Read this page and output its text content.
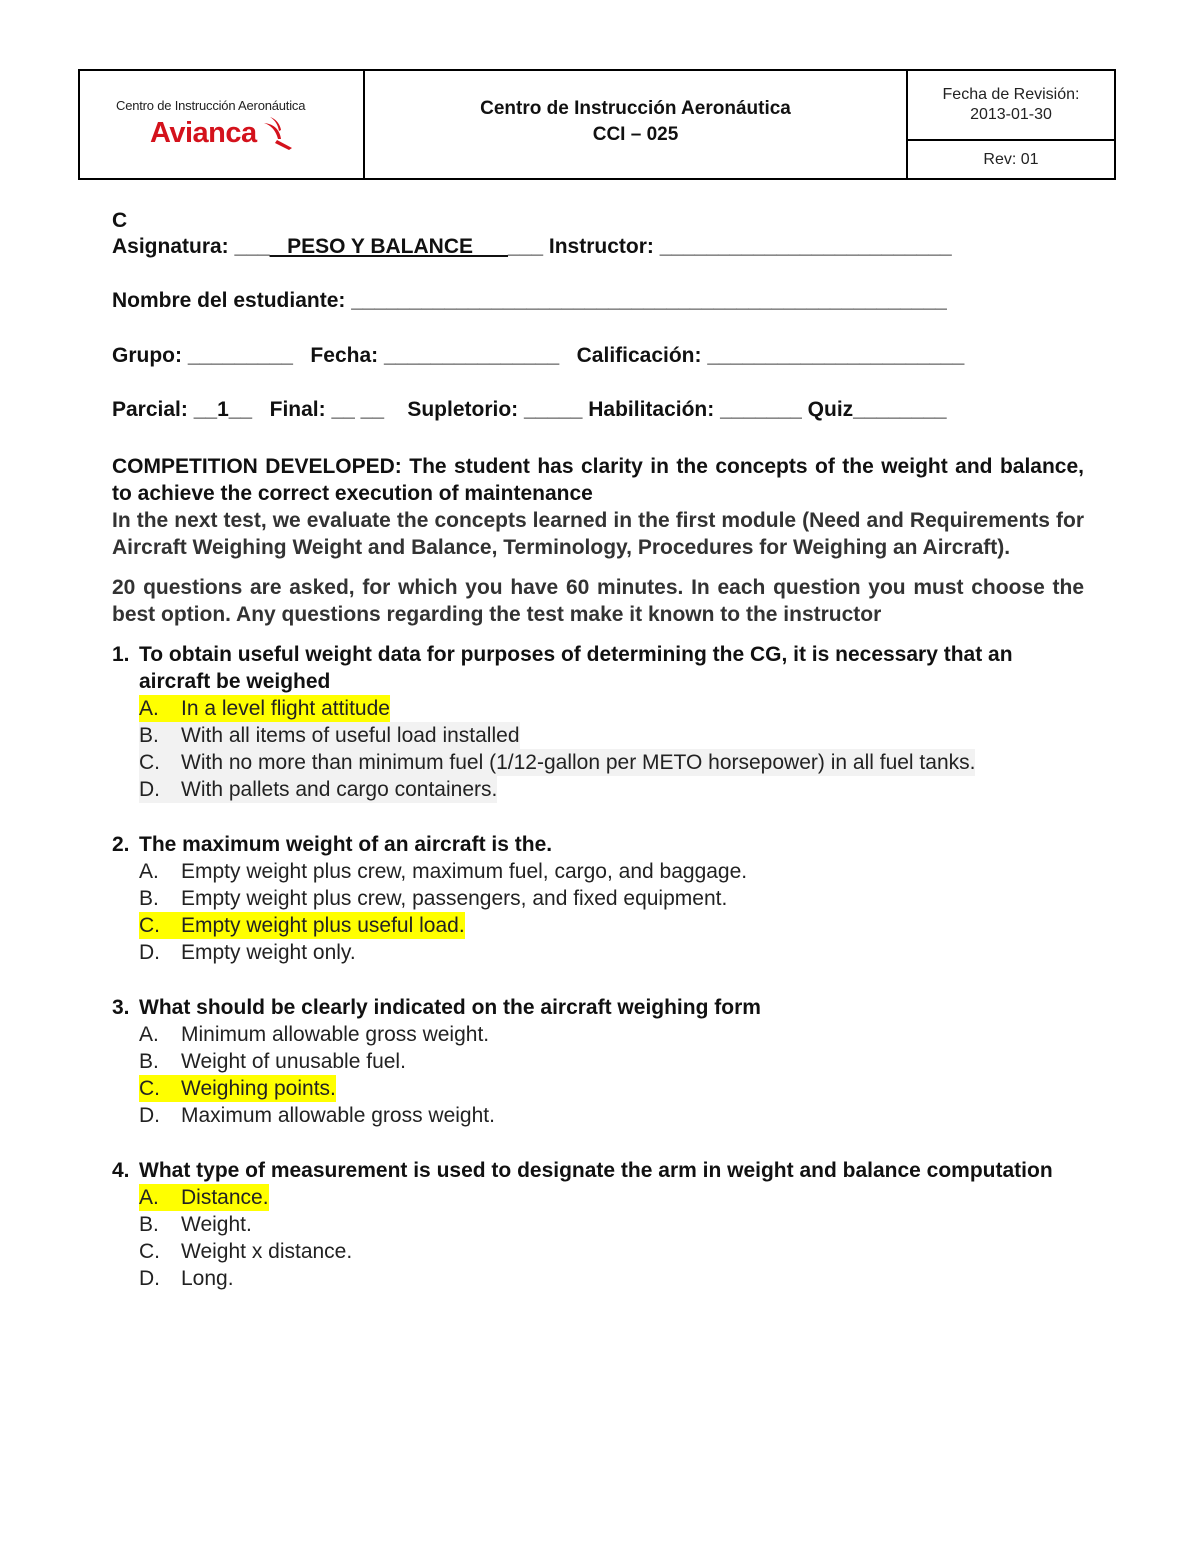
Centro de Instrucción Aeronáutica
Avianca
Centro de Instrucción Aeronáutica
CCI – 025
Fecha de Revisión:
2013-01-30
Rev: 01
C
Asignatura: ___   PESO Y BALANCE      ___ Instructor: _________________________
Nombre del estudiante: ___________________________________________________
Grupo: _________   Fecha: _______________   Calificación: ______________________
Parcial: __1__   Final: __ __    Supletorio: _____ Habilitación: _______ Quiz________
COMPETITION DEVELOPED: The student has clarity in the concepts of the weight and balance, to achieve the correct execution of maintenance
In the next test, we evaluate the concepts learned in the first module (Need and Requirements for Aircraft Weighing Weight and Balance, Terminology, Procedures for Weighing an Aircraft).
20 questions are asked, for which you have 60 minutes. In each question you must choose the best option. Any questions regarding the test make it known to the instructor
1. To obtain useful weight data for purposes of determining the CG, it is necessary that an aircraft be weighed
A.	In a level flight attitude
B.	With all items of useful load installed
C.	With no more than minimum fuel (1/12-gallon per METO horsepower) in all fuel tanks.
D.	With pallets and cargo containers.
2. The maximum weight of an aircraft is the.
A.	Empty weight plus crew, maximum fuel, cargo, and baggage.
B.	Empty weight plus crew, passengers, and fixed equipment.
C.	Empty weight plus useful load.
D.	Empty weight only.
3. What should be clearly indicated on the aircraft weighing form
A.	Minimum allowable gross weight.
B.	Weight of unusable fuel.
C.	Weighing points.
D.	Maximum allowable gross weight.
4. What type of measurement is used to designate the arm in weight and balance computation
A.	Distance.
B.	Weight.
C.	Weight x distance.
D.	Long.
